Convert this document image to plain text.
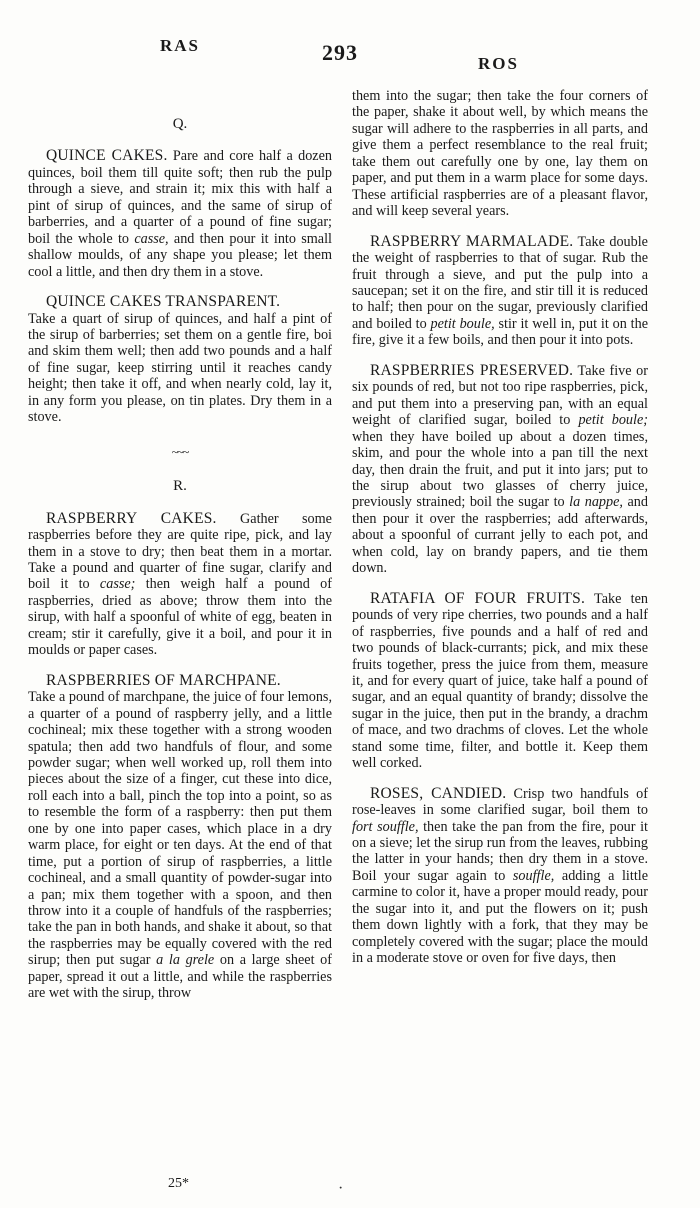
RAS	293	ROS
Q.

QUINCE CAKES. Pare and core half a dozen quinces, boil them till quite soft; then rub the pulp through a sieve, and strain it; mix this with half a pint of sirup of quinces, and the same of sirup of barberries, and a quarter of a pound of fine sugar; boil the whole to casse, and then pour it into small shallow moulds, of any shape you please; let them cool a little, and then dry them in a stove.

QUINCE CAKES TRANSPARENT.
Take a quart of sirup of quinces, and half a pint of the sirup of barberries; set them on a gentle fire, boi and skim them well; then add two pounds and a half of fine sugar, keep stirring until it reaches candy height; then take it off, and when nearly cold, lay it, in any form you please, on tin plates. Dry them in a stove.

~~~
R.

RASPBERRY CAKES. Gather some raspberries before they are quite ripe, pick, and lay them in a stove to dry; then beat them in a mortar. Take a pound and quarter of fine sugar, clarify and boil it to casse; then weigh half a pound of raspberries, dried as above; throw them into the sirup, with half a spoonful of white of egg, beaten in cream; stir it carefully, give it a boil, and pour it in moulds or paper cases.

RASPBERRIES OF MARCHPANE.
Take a pound of marchpane, the juice of four lemons, a quarter of a pound of raspberry jelly, and a little cochineal; mix these together with a strong wooden spatula; then add two handfuls of flour, and some powder sugar; when well worked up, roll them into pieces about the size of a finger, cut these into dice, roll each into a ball, pinch the top into a point, so as to resemble the form of a raspberry: then put them one by one into paper cases, which place in a dry warm place, for eight or ten days. At the end of that time, put a portion of sirup of raspberries, a little cochineal, and a small quantity of powder-sugar into a pan; mix them together with a spoon, and then throw into it a couple of handfuls of the raspberries; take the pan in both hands, and shake it about, so that the raspberries may be equally covered with the red sirup; then put sugar a la grele on a large sheet of paper, spread it out a little, and while the raspberries are wet with the sirup, throw

them into the sugar; then take the four corners of the paper, shake it about well, by which means the sugar will adhere to the raspberries in all parts, and give them a perfect resemblance to the real fruit; take them out carefully one by one, lay them on paper, and put them in a warm place for some days. These artificial raspberries are of a pleasant flavor, and will keep several years.

RASPBERRY MARMALADE. Take double the weight of raspberries to that of sugar. Rub the fruit through a sieve, and put the pulp into a saucepan; set it on the fire, and stir till it is reduced to half; then pour on the sugar, previously clarified and boiled to petit boule, stir it well in, put it on the fire, give it a few boils, and then pour it into pots.

RASPBERRIES PRESERVED. Take five or six pounds of red, but not too ripe raspberries, pick, and put them into a preserving pan, with an equal weight of clarified sugar, boiled to petit boule; when they have boiled up about a dozen times, skim, and pour the whole into a pan till the next day, then drain the fruit, and put it into jars; put to the sirup about two glasses of cherry juice, previously strained; boil the sugar to la nappe, and then pour it over the raspberries; add afterwards, about a spoonful of currant jelly to each pot, and when cold, lay on brandy papers, and tie them down.

RATAFIA OF FOUR FRUITS. Take ten pounds of very ripe cherries, two pounds and a half of raspberries, five pounds and a half of red and two pounds of black-currants; pick, and mix these fruits together, press the juice from them, measure it, and for every quart of juice, take half a pound of sugar, and an equal quantity of brandy; dissolve the sugar in the juice, then put in the brandy, a drachm of mace, and two drachms of cloves. Let the whole stand some time, filter, and bottle it. Keep them well corked.

ROSES, CANDIED. Crisp two handfuls of rose-leaves in some clarified sugar, boil them to fort souffle, then take the pan from the fire, pour it on a sieve; let the sirup run from the leaves, rubbing the latter in your hands; then dry them in a stove. Boil your sugar again to souffle, adding a little carmine to color it, have a proper mould ready, pour the sugar into it, and put the flowers on it; push them down lightly with a fork, that they may be completely covered with the sugar; place the mould in a moderate stove or oven for five days, then

25*	·
